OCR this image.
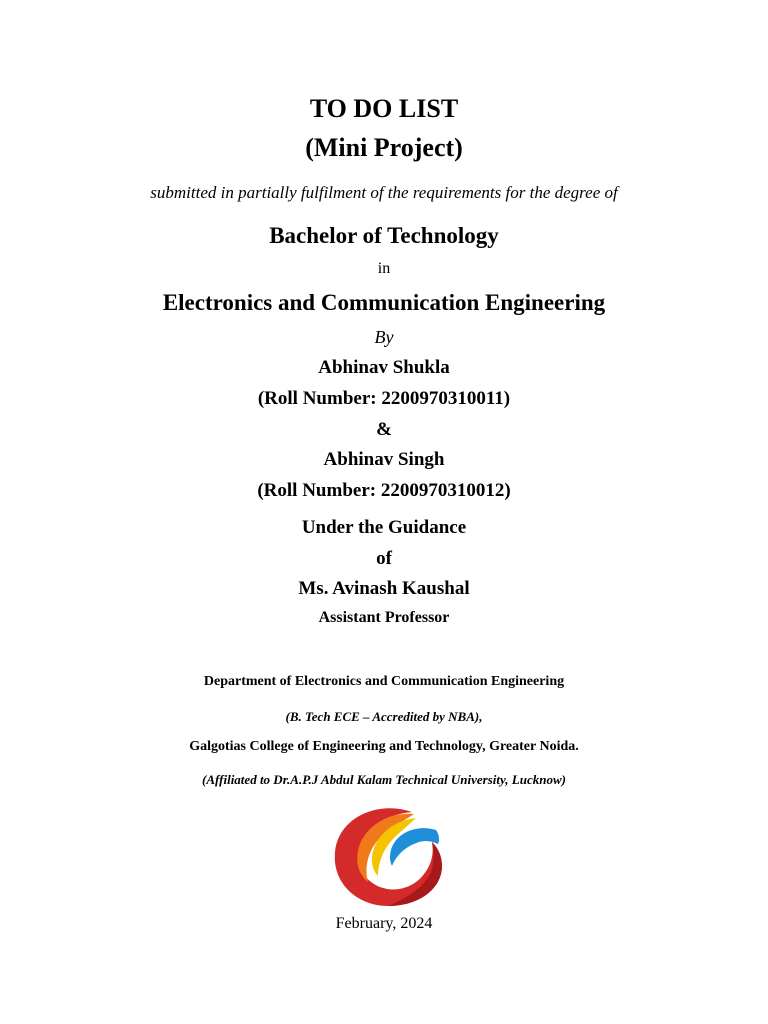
TO DO LIST
(Mini Project)
submitted in partially fulfilment of the requirements for the degree of
Bachelor of Technology
in
Electronics and Communication Engineering
By
Abhinav Shukla
(Roll Number: 2200970310011)
&
Abhinav Singh
(Roll Number: 2200970310012)
Under the Guidance
of
Ms. Avinash Kaushal
Assistant Professor
Department of Electronics and Communication Engineering
(B. Tech ECE – Accredited by NBA),
Galgotias College of Engineering and Technology, Greater Noida.
(Affiliated to Dr.A.P.J Abdul Kalam Technical University, Lucknow)
February, 2024
